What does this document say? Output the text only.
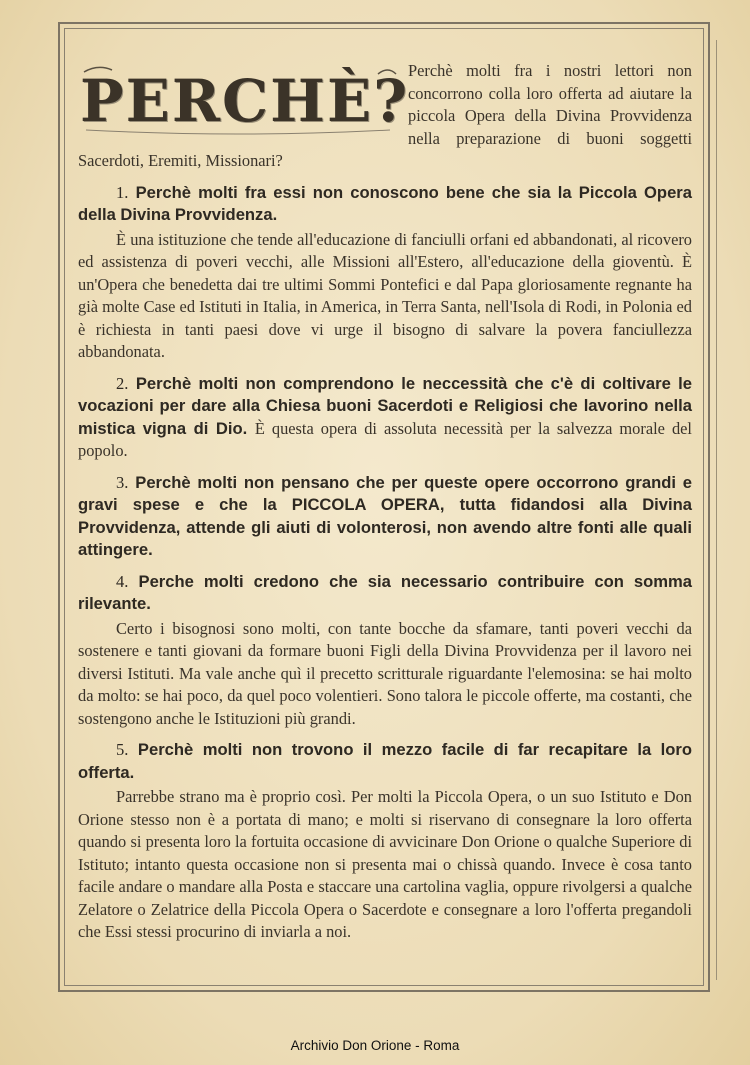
PERCHÈ?

Perchè molti fra i nostri lettori non concorrono colla loro offerta ad aiutare la piccola Opera della Divina Provvidenza nella preparazione di buoni soggetti Sacerdoti, Eremiti, Missionari?

1. Perchè molti fra essi non conoscono bene che sia la Piccola Opera della Divina Provvidenza.

È una istituzione che tende all'educazione di fanciulli orfani ed abbandonati, al ricovero ed assistenza di poveri vecchi, alle Missioni all'Estero, all'educazione della gioventù. È un'Opera che benedetta dai tre ultimi Sommi Pontefici e dal Papa gloriosamente regnante ha già molte Case ed Istituti in Italia, in America, in Terra Santa, nell'Isola di Rodi, in Polonia ed è richiesta in tanti paesi dove vi urge il bisogno di salvare la povera fanciullezza abbandonata.

2. Perchè molti non comprendono le neccessità che c'è di coltivare le vocazioni per dare alla Chiesa buoni Sacerdoti e Religiosi che lavorino nella mistica vigna di Dio. È questa opera di assoluta necessità per la salvezza morale del popolo.

3. Perchè molti non pensano che per queste opere occorrono grandi e gravi spese e che la PICCOLA OPERA, tutta fidandosi alla Divina Provvidenza, attende gli aiuti di volonterosi, non avendo altre fonti alle quali attingere.

4. Perche molti credono che sia necessario contribuire con somma rilevante.

Certo i bisognosi sono molti, con tante bocche da sfamare, tanti poveri vecchi da sostenere e tanti giovani da formare buoni Figli della Divina Provvidenza per il lavoro nei diversi Istituti. Ma vale anche quì il precetto scritturale riguardante l'elemosina: se hai molto da molto: se hai poco, da quel poco volentieri. Sono talora le piccole offerte, ma costanti, che sostengono anche le Istituzioni più grandi.

5. Perchè molti non trovono il mezzo facile di far recapitare la loro offerta.

Parrebbe strano ma è proprio così. Per molti la Piccola Opera, o un suo Istituto e Don Orione stesso non è a portata di mano; e molti si riservano di consegnare la loro offerta quando si presenta loro la fortuita occasione di avvicinare Don Orione o qualche Superiore di Istituto; intanto questa occasione non si presenta mai o chissà quando. Invece è cosa tanto facile andare o mandare alla Posta e staccare una cartolina vaglia, oppure rivolgersi a qualche Zelatore o Zelatrice della Piccola Opera o Sacerdote e consegnare a loro l'offerta pregandoli che Essi stessi procurino di inviarla a noi.

Archivio Don Orione - Roma
